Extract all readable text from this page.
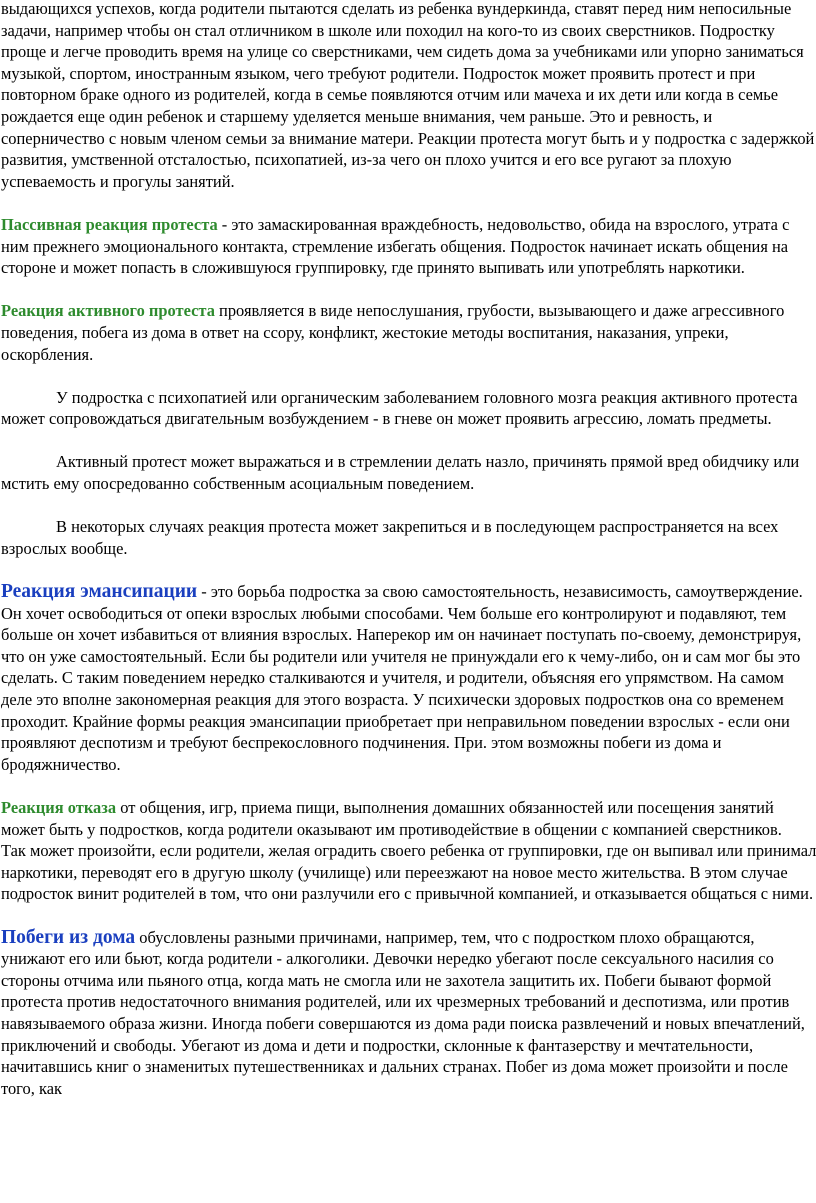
выдающихся успехов, когда родители пытаются сделать из ребенка вундеркинда, ставят перед ним непосильные задачи, например чтобы он стал отличником в школе или походил на кого-то из своих сверстников. Подростку проще и легче проводить время на улице со сверстниками, чем сидеть дома за учебниками или упорно заниматься музыкой, спортом, иностранным языком, чего требуют родители. Подросток может проявить протест и при повторном браке одного из родителей, когда в семье появляются отчим или мачеха и их дети или когда в семье рождается еще один ребенок и старшему уделяется меньше внимания, чем раньше. Это и ревность, и соперничество с новым членом семьи за внимание матери. Реакции протеста могут быть и у подростка с задержкой развития, умственной отсталостью, психопатией, из-за чего он плохо учится и его все ругают за плохую успеваемость и прогулы занятий.

Пассивная реакция протеста - это замаскированная враждебность, недовольство, обида на взрослого, утрата с ним прежнего эмоционального контакта, стремление избегать общения. Подросток начинает искать общения на стороне и может попасть в сложившуюся группировку, где принято выпивать или употреблять наркотики.

Реакция активного протеста проявляется в виде непослушания, грубости, вызывающего и даже агрессивного поведения, побега из дома в ответ на ссору, конфликт, жестокие методы воспитания, наказания, упреки, оскорбления.

У подростка с психопатией или органическим заболеванием головного мозга реакция активного протеста может сопровождаться двигательным возбуждением - в гневе он может проявить агрессию, ломать предметы.

Активный протест может выражаться и в стремлении делать назло, причинять прямой вред обидчику или мстить ему опосредованно собственным асоциальным поведением.

В некоторых случаях реакция протеста может закрепиться и в последующем распространяется на всех взрослых вообще.

Реакция эмансипации - это борьба подростка за свою самостоятельность, независимость, самоутверждение. Он хочет освободиться от опеки взрослых любыми способами. Чем больше его контролируют и подавляют, тем больше он хочет избавиться от влияния взрослых. Наперекор им он начинает поступать по-своему, демонстрируя, что он уже самостоятельный. Если бы родители или учителя не принуждали его к чему-либо, он и сам мог бы это сделать. С таким поведением нередко сталкиваются и учителя, и родители, объясняя его упрямством. На самом деле это вполне закономерная реакция для этого возраста. У психически здоровых подростков она со временем проходит. Крайние формы реакция эмансипации приобретает при неправильном поведении взрослых - если они проявляют деспотизм и требуют беспрекословного подчинения. При. этом возможны побеги из дома и бродяжничество.

Реакция отказа от общения, игр, приема пищи, выполнения домашних обязанностей или посещения занятий может быть у подростков, когда родители оказывают им противодействие в общении с компанией сверстников.

Так может произойти, если родители, желая оградить своего ребенка от группировки, где он выпивал или принимал наркотики, переводят его в другую школу (училище) или переезжают на новое место жительства. В этом случае подросток винит родителей в том, что они разлучили его с привычной компанией, и отказывается общаться с ними.

Побеги из дома обусловлены разными причинами, например, тем, что с подростком плохо обращаются, унижают его или бьют, когда родители - алкоголики. Девочки нередко убегают после сексуального насилия со стороны отчима или пьяного отца, когда мать не смогла или не захотела защитить их. Побеги бывают формой протеста против недостаточного внимания родителей, или их чрезмерных требований и деспотизма, или против навязываемого образа жизни. Иногда побеги совершаются из дома ради поиска развлечений и новых впечатлений, приключений и свободы. Убегают из дома и дети и подростки, склонные к фантазерству и мечтательности, начитавшись книг о знаменитых путешественниках и дальних странах. Побег из дома может произойти и после того, как
